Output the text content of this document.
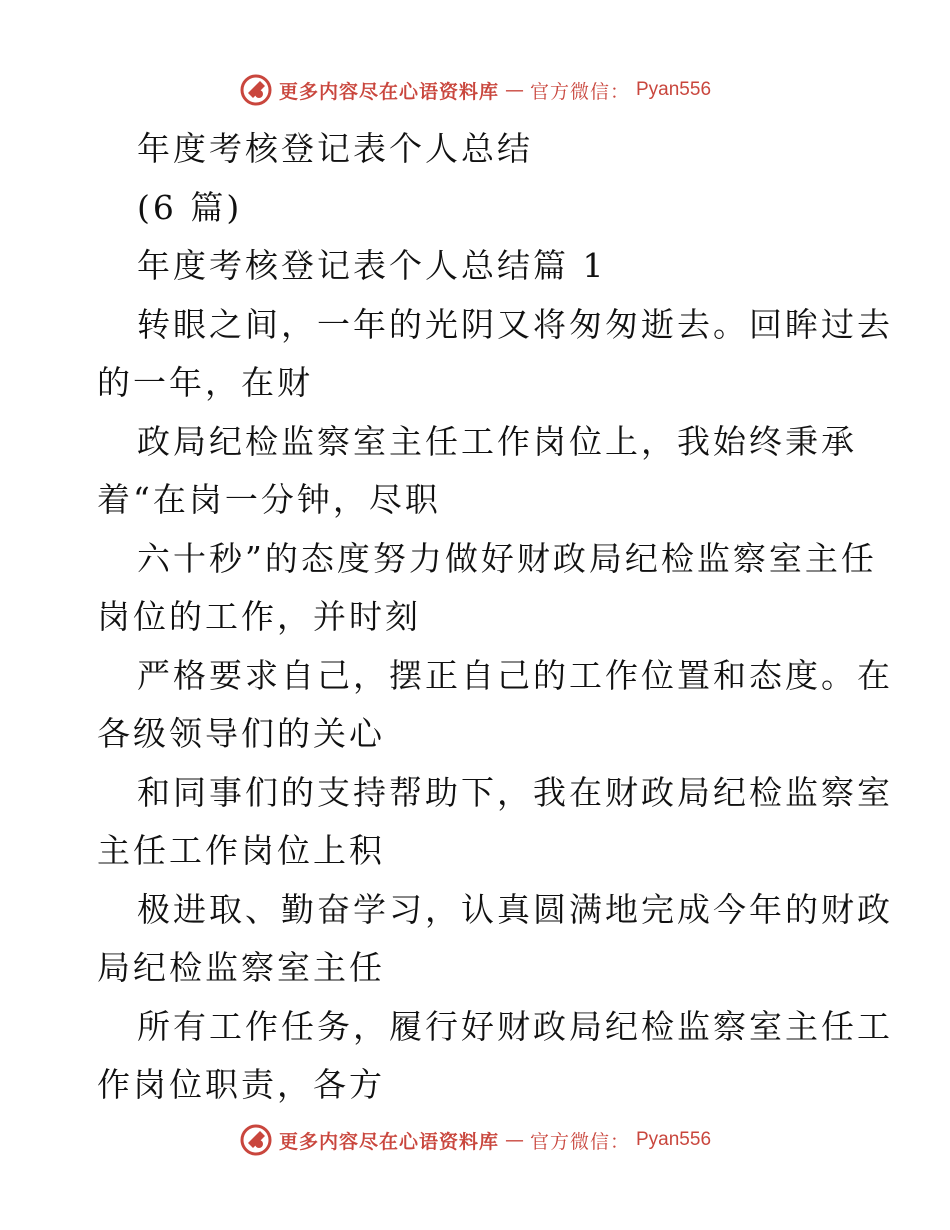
更多内容尽在心语资料库 — 官方微信： Pyan556
年度考核登记表个人总结
(6 篇)
年度考核登记表个人总结篇 1
转眼之间，一年的光阴又将匆匆逝去。回眸过去
的一年，在财
政局纪检监察室主任工作岗位上，我始终秉承
着“在岗一分钟，尽职
六十秒”的态度努力做好财政局纪检监察室主任
岗位的工作，并时刻
严格要求自己，摆正自己的工作位置和态度。在
各级领导们的关心
和同事们的支持帮助下，我在财政局纪检监察室
主任工作岗位上积
极进取、勤奋学习，认真圆满地完成今年的财政
局纪检监察室主任
所有工作任务，履行好财政局纪检监察室主任工
作岗位职责，各方
更多内容尽在心语资料库 — 官方微信： Pyan556
